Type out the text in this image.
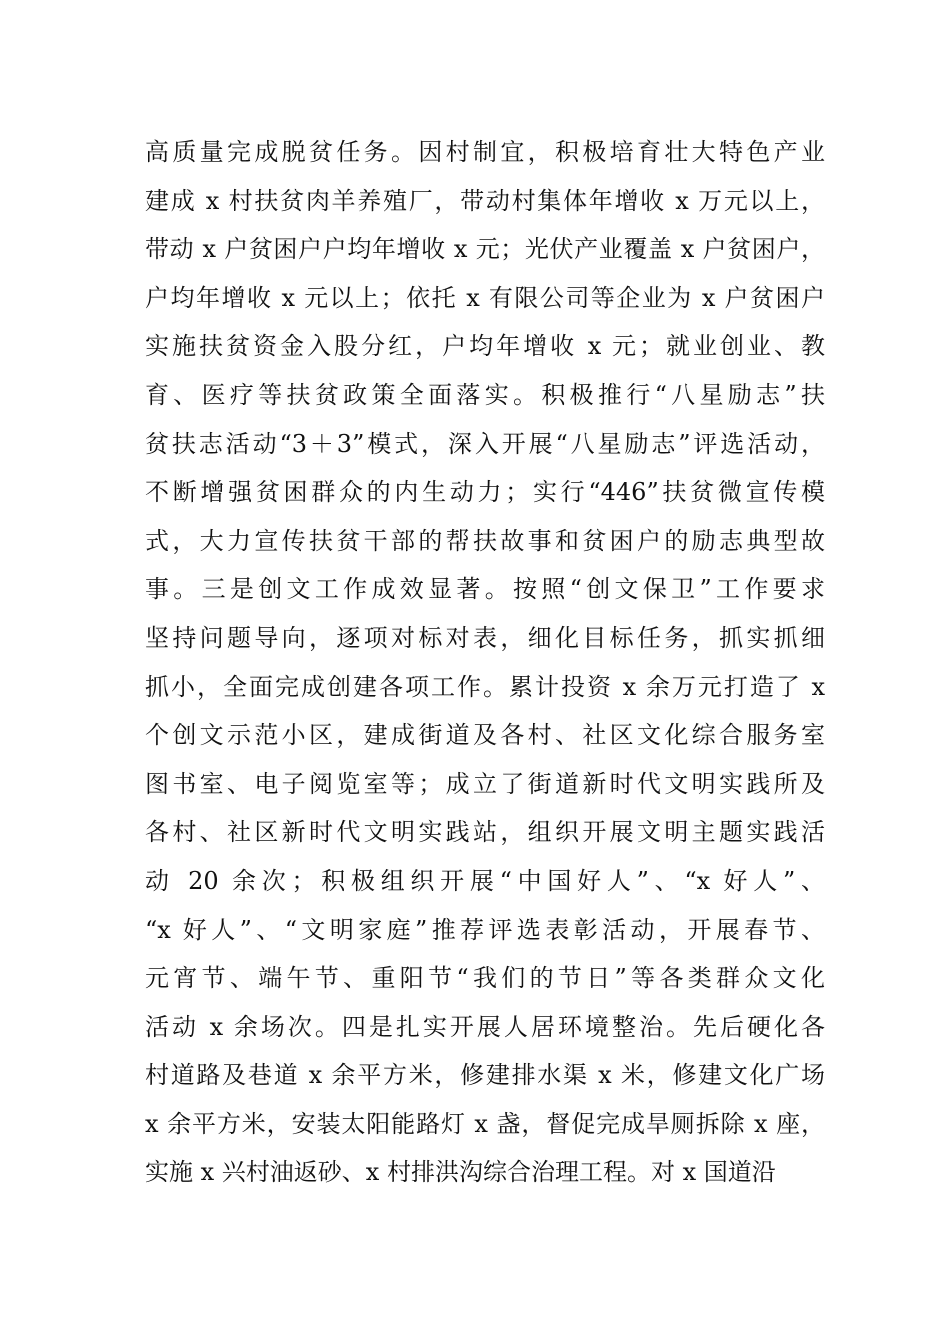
高质量完成脱贫任务。因村制宜，积极培育壮大特色产业
建成 x 村扶贫肉羊养殖厂，带动村集体年增收 x 万元以上，
带动 x 户贫困户户均年增收 x 元；光伏产业覆盖 x 户贫困户，
户均年增收 x 元以上；依托 x 有限公司等企业为 x 户贫困户
实施扶贫资金入股分红，户均年增收 x 元；就业创业、教
育、医疗等扶贫政策全面落实。积极推行“八星励志”扶
贫扶志活动“3＋3”模式，深入开展“八星励志”评选活动，
不断增强贫困群众的内生动力；实行“446”扶贫微宣传模
式，大力宣传扶贫干部的帮扶故事和贫困户的励志典型故
事。三是创文工作成效显著。按照“创文保卫”工作要求
坚持问题导向，逐项对标对表，细化目标任务，抓实抓细
抓小，全面完成创建各项工作。累计投资 x 余万元打造了 x
个创文示范小区，建成街道及各村、社区文化综合服务室
图书室、电子阅览室等；成立了街道新时代文明实践所及
各村、社区新时代文明实践站，组织开展文明主题实践活
动 20 余次；积极组织开展“中国好人”、“x 好人”、
“x 好人”、“文明家庭”推荐评选表彰活动，开展春节、
元宵节、端午节、重阳节“我们的节日”等各类群众文化
活动 x 余场次。四是扎实开展人居环境整治。先后硬化各
村道路及巷道 x 余平方米，修建排水渠 x 米，修建文化广场
x 余平方米，安装太阳能路灯 x 盏，督促完成旱厕拆除 x 座，
实施 x 兴村油返砂、x 村排洪沟综合治理工程。对 x 国道沿
